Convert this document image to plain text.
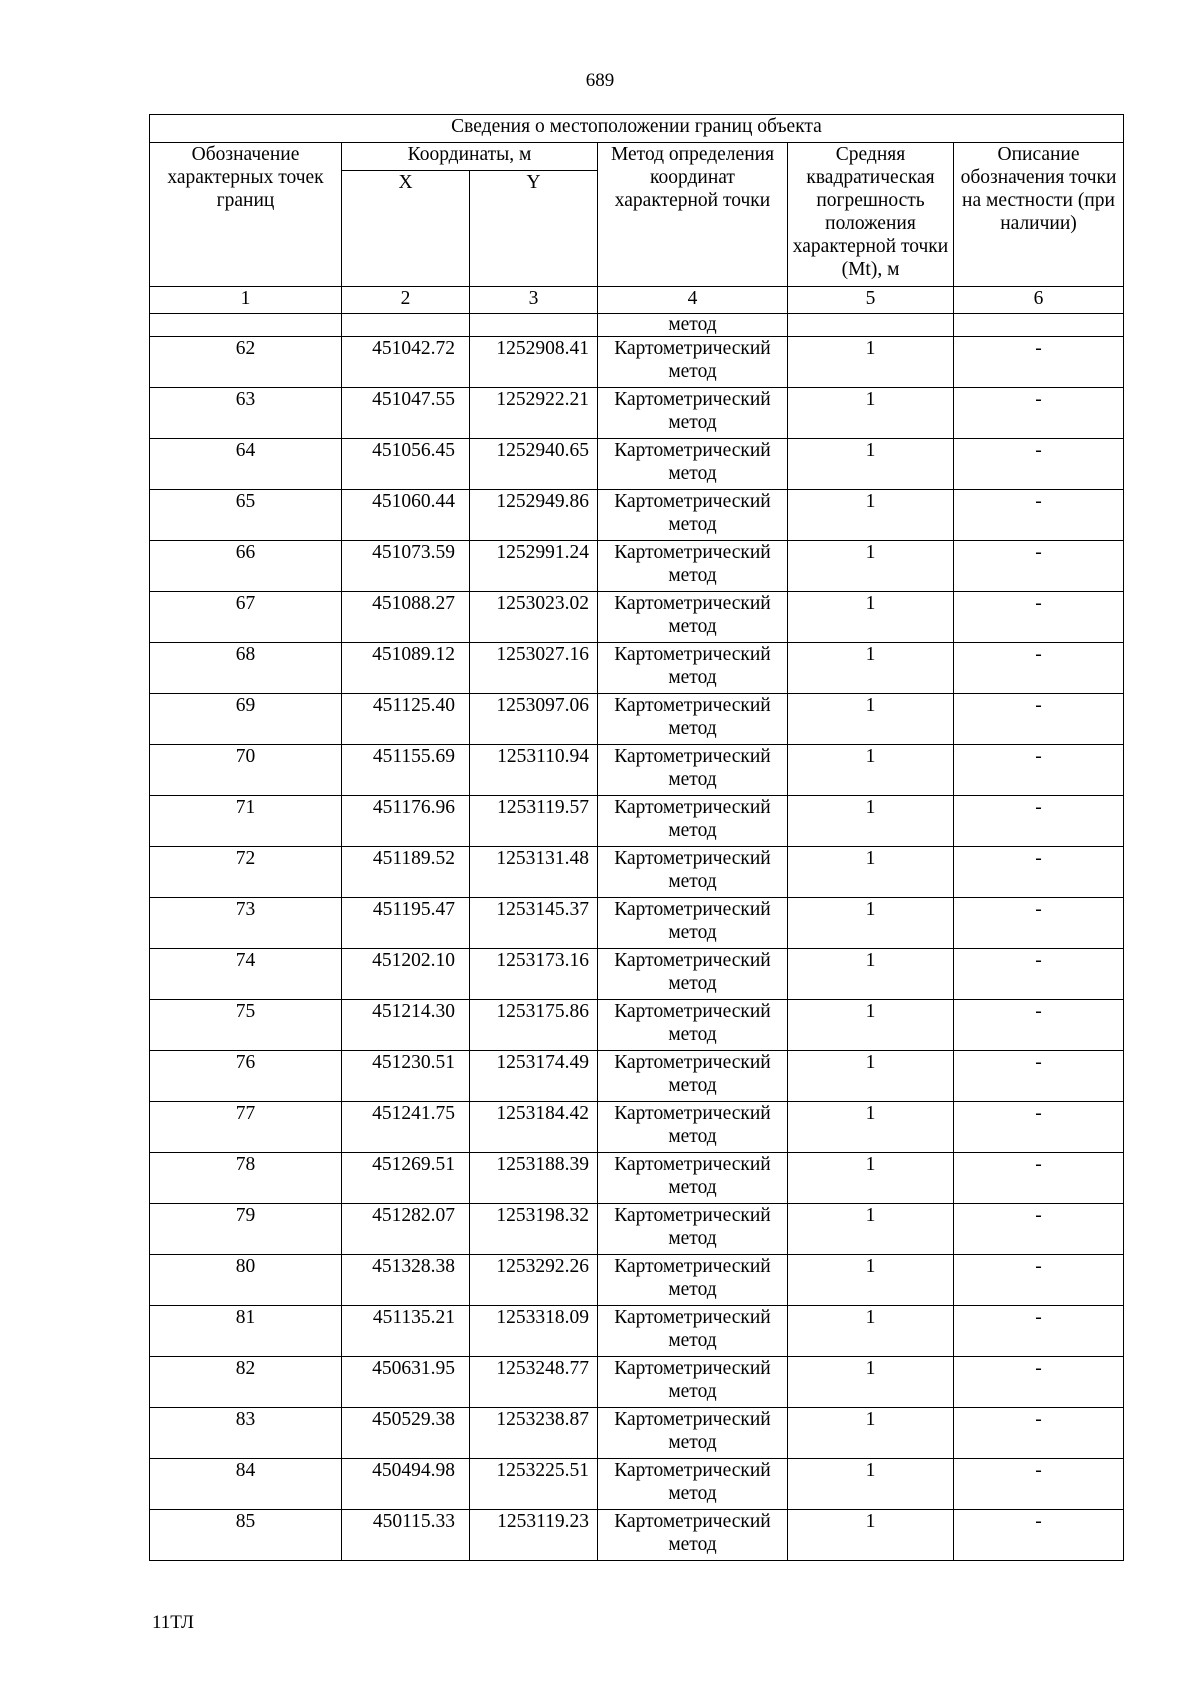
689
Сведения о местоположении границ объекта					
Обозначение характерных точек границ	Координаты, м		Метод определения координат характерной точки	Средняя квадратическая погрешность положения характерной точки (Mt), м	Описание обозначения точки на местности (при наличии)
	X	Y			
1	2	3	4	5	6
			метод		
62	451042.72	1252908.41	Картометрический метод	1	-
63	451047.55	1252922.21	Картометрический метод	1	-
64	451056.45	1252940.65	Картометрический метод	1	-
65	451060.44	1252949.86	Картометрический метод	1	-
66	451073.59	1252991.24	Картометрический метод	1	-
67	451088.27	1253023.02	Картометрический метод	1	-
68	451089.12	1253027.16	Картометрический метод	1	-
69	451125.40	1253097.06	Картометрический метод	1	-
70	451155.69	1253110.94	Картометрический метод	1	-
71	451176.96	1253119.57	Картометрический метод	1	-
72	451189.52	1253131.48	Картометрический метод	1	-
73	451195.47	1253145.37	Картометрический метод	1	-
74	451202.10	1253173.16	Картометрический метод	1	-
75	451214.30	1253175.86	Картометрический метод	1	-
76	451230.51	1253174.49	Картометрический метод	1	-
77	451241.75	1253184.42	Картометрический метод	1	-
78	451269.51	1253188.39	Картометрический метод	1	-
79	451282.07	1253198.32	Картометрический метод	1	-
80	451328.38	1253292.26	Картометрический метод	1	-
81	451135.21	1253318.09	Картометрический метод	1	-
82	450631.95	1253248.77	Картометрический метод	1	-
83	450529.38	1253238.87	Картометрический метод	1	-
84	450494.98	1253225.51	Картометрический метод	1	-
85	450115.33	1253119.23	Картометрический метод	1	-
11ТЛ
